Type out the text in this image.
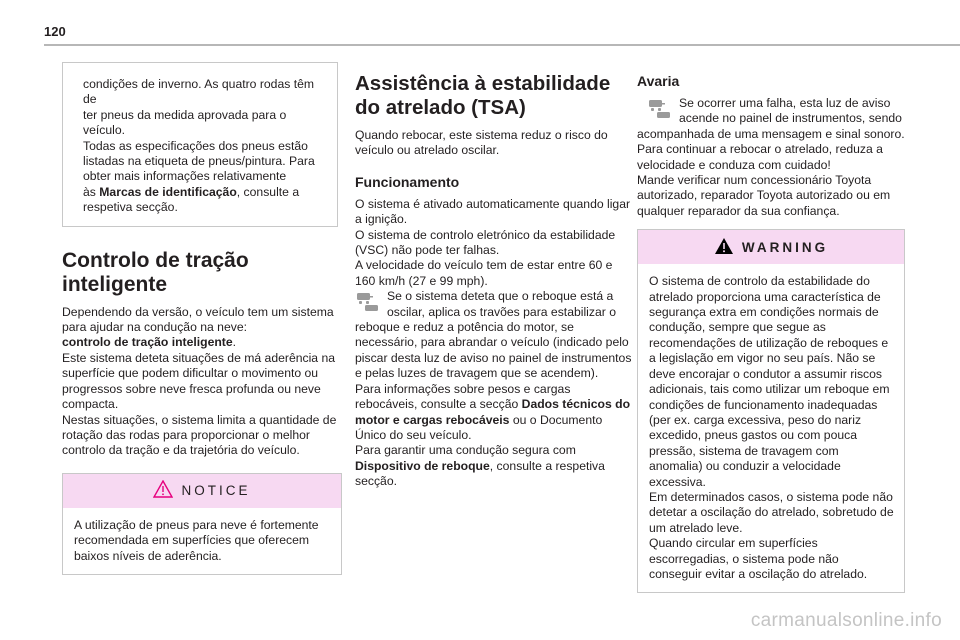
120

condições de inverno. As quatro rodas têm de
ter pneus da medida aprovada para o veículo.
Todas as especificações dos pneus estão
listadas na etiqueta de pneus/pintura. Para
obter mais informações relativamente
às Marcas de identificação, consulte a
respetiva secção.

Controlo de tração inteligente

Dependendo da versão, o veículo tem um sistema para ajudar na condução na neve:
controlo de tração inteligente.

Este sistema deteta situações de má aderência na superfície que podem dificultar o movimento ou progressos sobre neve fresca profunda ou neve compacta.

Nestas situações, o sistema limita a quantidade de rotação das rodas para proporcionar o melhor controlo da tração e da trajetória do veículo.

NOTICE

A utilização de pneus para neve é fortemente recomendada em superfícies que oferecem baixos níveis de aderência.

Assistência à estabilidade do atrelado (TSA)

Quando rebocar, este sistema reduz o risco do veículo ou atrelado oscilar.

Funcionamento

O sistema é ativado automaticamente quando ligar a ignição.

O sistema de controlo eletrónico da estabilidade (VSC) não pode ter falhas.

A velocidade do veículo tem de estar entre 60 e 160 km/h (27 e 99 mph).

Se o sistema deteta que o reboque está a oscilar, aplica os travões para estabilizar o reboque e reduz a potência do motor, se necessário, para abrandar o veículo (indicado pelo piscar desta luz de aviso no painel de instrumentos e pelas luzes de travagem que se acendem).

Para informações sobre pesos e cargas rebocáveis, consulte a secção Dados técnicos do motor e cargas rebocáveis ou o Documento Único do seu veículo.

Para garantir uma condução segura com Dispositivo de reboque, consulte a respetiva secção.

Avaria

Se ocorrer uma falha, esta luz de aviso acende no painel de instrumentos, sendo acompanhada de uma mensagem e sinal sonoro.

Para continuar a rebocar o atrelado, reduza a velocidade e conduza com cuidado!

Mande verificar num concessionário Toyota autorizado, reparador Toyota autorizado ou em qualquer reparador da sua confiança.

WARNING

O sistema de controlo da estabilidade do atrelado proporciona uma característica de segurança extra em condições normais de condução, sempre que segue as recomendações de utilização de reboques e a legislação em vigor no seu país. Não se deve encorajar o condutor a assumir riscos adicionais, tais como utilizar um reboque em condições de funcionamento inadequadas (per ex. carga excessiva, peso do nariz excedido, pneus gastos ou com pouca pressão, sistema de travagem com anomalia) ou conduzir a velocidade excessiva.

Em determinados casos, o sistema pode não detetar a oscilação do atrelado, sobretudo de um atrelado leve.

Quando circular em superfícies escorregadias, o sistema pode não conseguir evitar a oscilação do atrelado.

carmanualsonline.info
